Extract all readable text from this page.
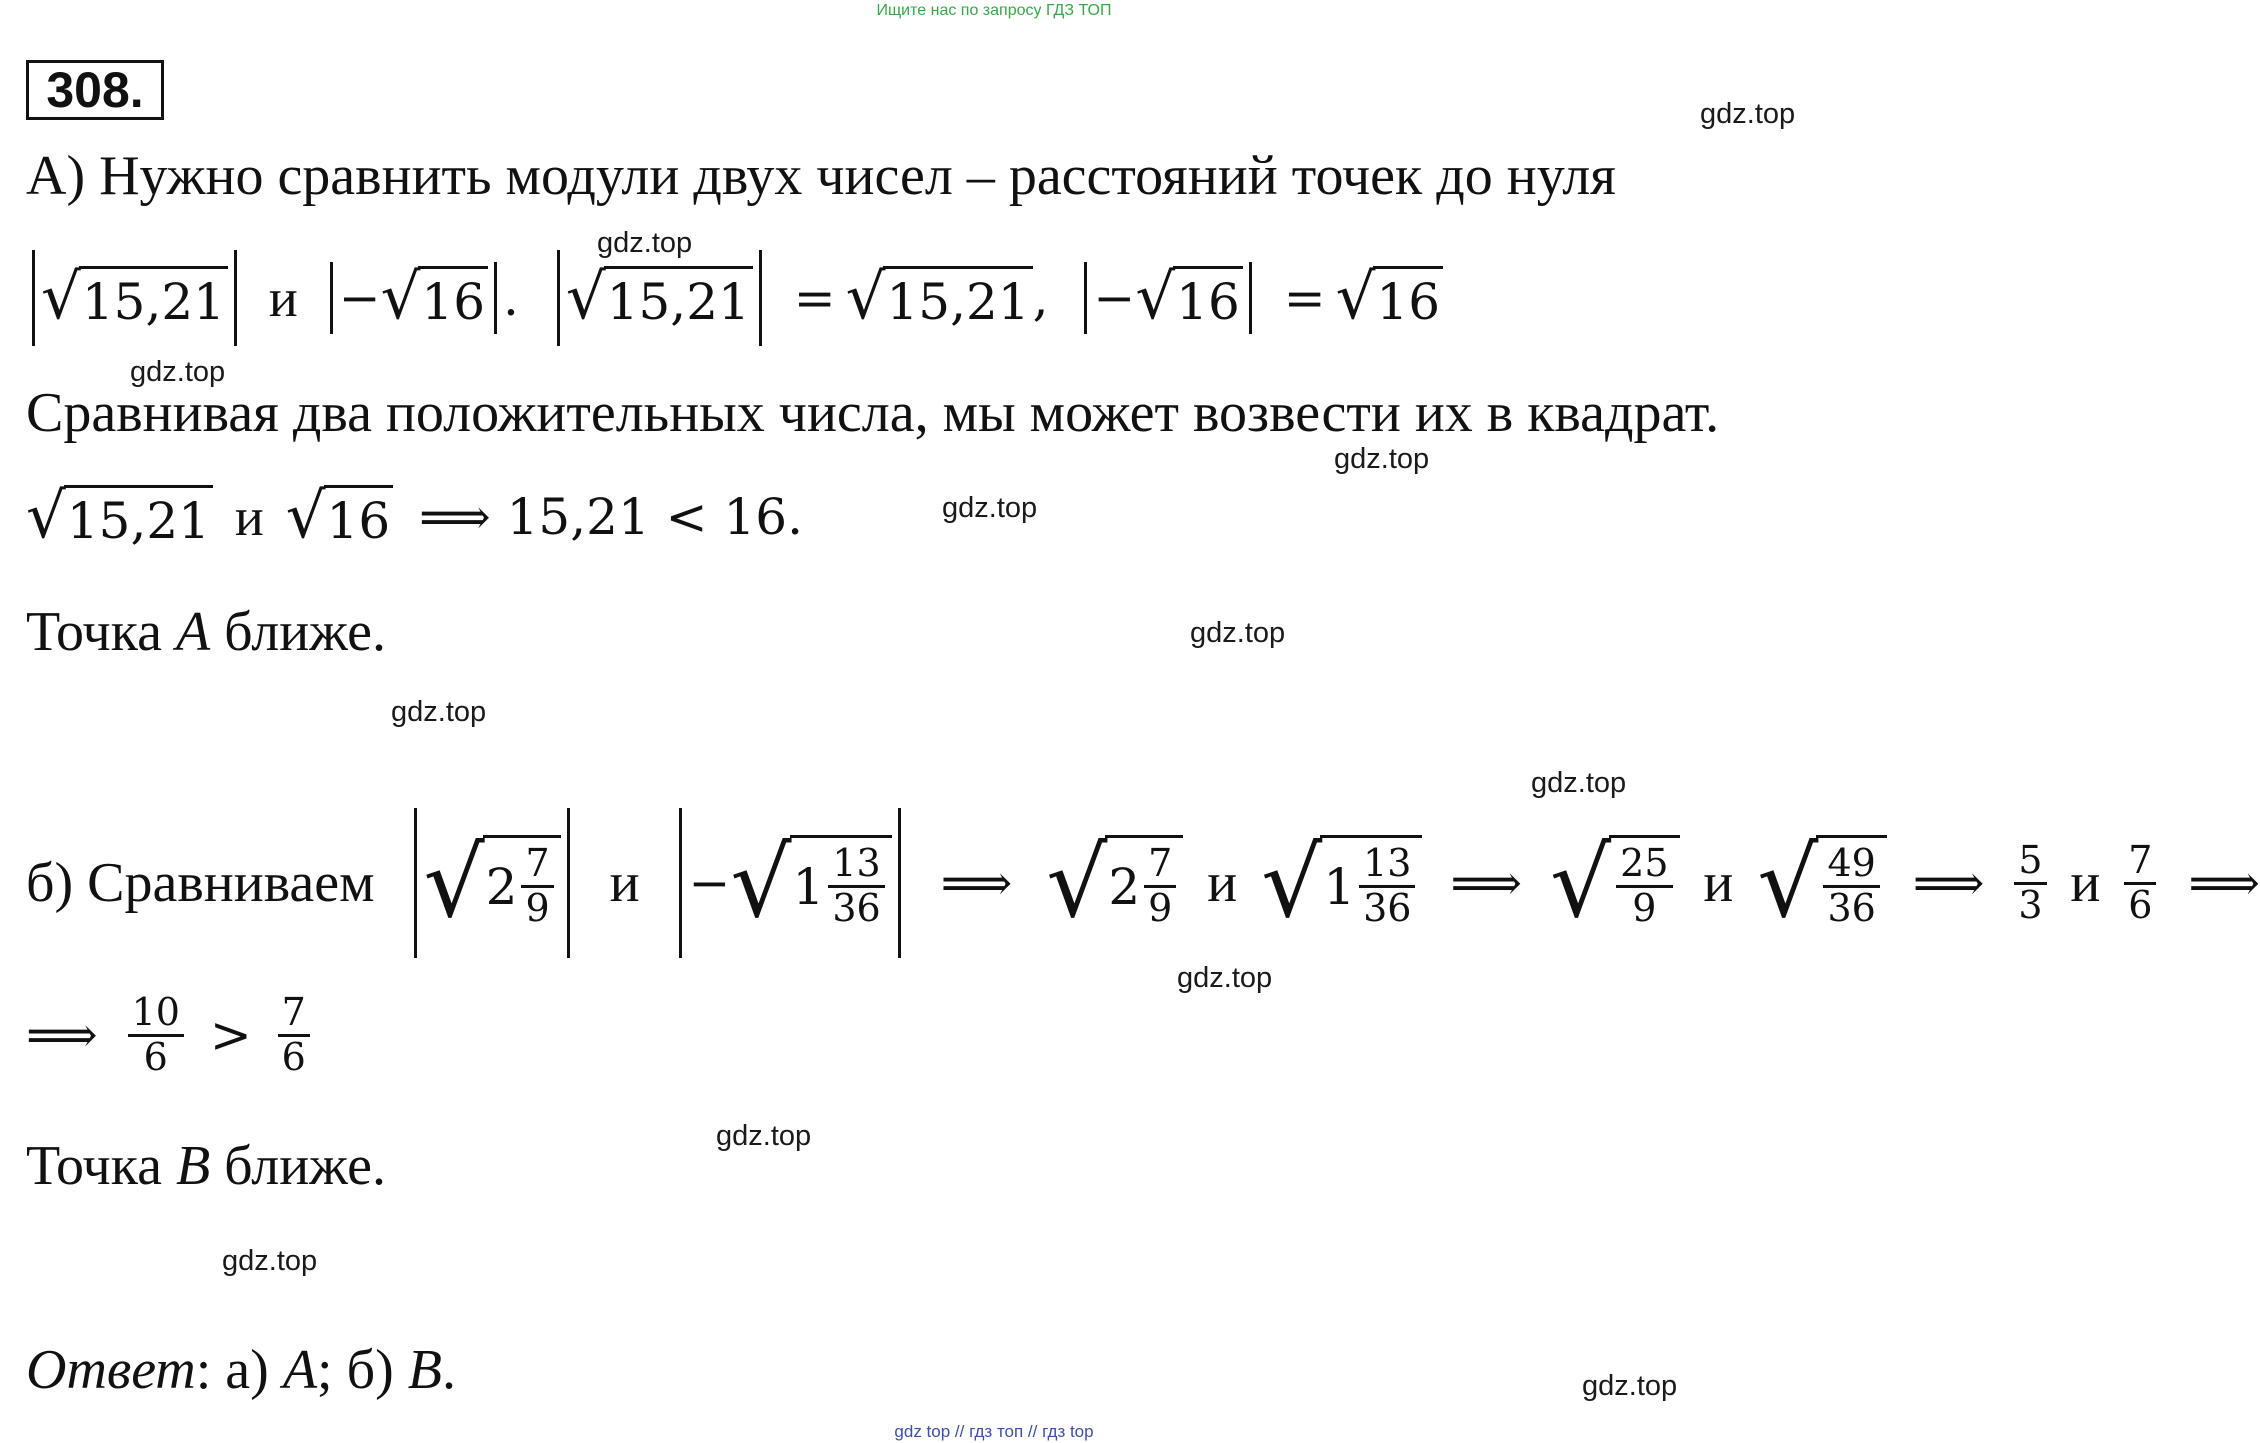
Ищите нас по запросу ГДЗ ТОП
308.	gdz.top
gdz.top
gdz.top
gdz.top
gdz.top
gdz.top
gdz.top
gdz.top
gdz.top
gdz.top
gdz.top
gdz.top
А) Нужно сравнить модули двух чисел – расстояний точек до нуля
√ 15,21 и − √ 16 . √ 15,21 = √ 15,21 , − √ 16 = √ 16
Сравнивая два положительных числа, мы может возвести их в квадрат.
√ 15,21 и √ 16 ⟹ 15,21 < 16.
Точка A ближе.
б) Сравниваем √ $2 \frac{7}{9}$ и − √ $1 \frac{13}{36}$ ⟹ √ $2 \frac{7}{9}$ и √ $1 \frac{13}{36}$ ⟹ √ $\frac{25}{9}$ и √ $\frac{49}{36}$ ⟹ $\frac{5}{3}$ и $\frac{7}{6}$ ⟹
⟹ $\frac{10}{6} > \frac{7}{6}$
Точка B ближе.
Ответ: а) A; б) B.
gdz top // гдз топ // гдз top
